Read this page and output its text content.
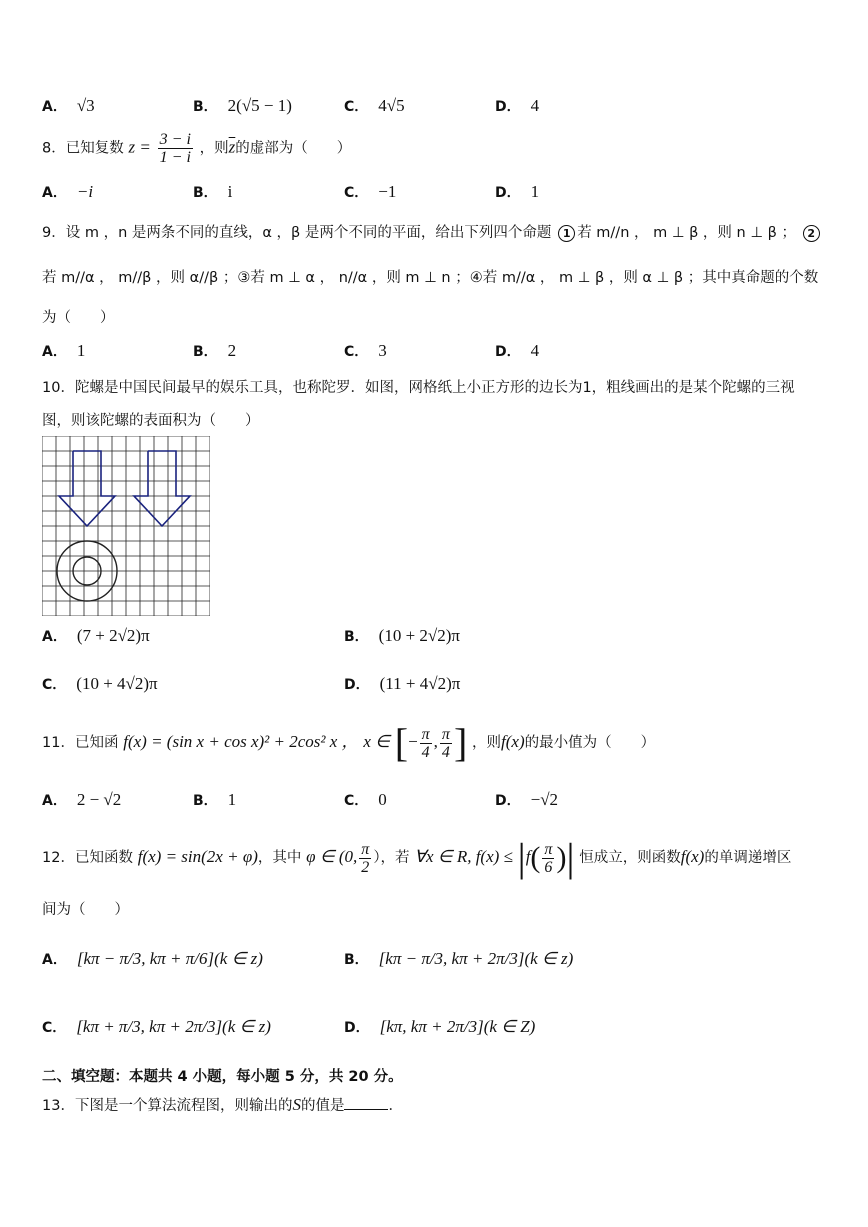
A． √3	B． 2(√5 − 1)	C． 4√5	D． 4
8．已知复数 $z = \frac{3 - i}{1 - i}$ ，则$\overline{z}$的虚部为（　　）
A． −i	B． i	C． −1	D． 1
9．设 m ，n 是两条不同的直线，α ，β 是两个不同的平面，给出下列四个命题 1 若 m//n ， m ⊥ β ，则 n ⊥ β ； 2
若 m//α ， m//β ，则 α//β ；③若 m ⊥ α ， n//α ，则 m ⊥ n ；④若 m//α ， m ⊥ β ，则 α ⊥ β ；其中真命题的个数
为（　　）
A． 1	B． 2	C． 3	D． 4
10．陀螺是中国民间最早的娱乐工具，也称陀罗．如图，网格纸上小正方形的边长为1，粗线画出的是某个陀螺的三视
图，则该陀螺的表面积为（　　）
A． (7 + 2√2)π	B． (10 + 2√2)π
C． (10 + 4√2)π	D． (11 + 4√2)π
11．已知函 f(x) = (sin x + cos x)² + 2cos² x ， x ∈ [− $\frac{\pi}{4}$ , $\frac{\pi}{4}$ ] ，则f(x)的最小值为（　　）
A． 2 − √2	B． 1	C． 0	D． −√2
12．已知函数 f(x) = sin(2x + φ)，其中 φ ∈ (0, $\frac{\pi}{2}$ ），若 ∀x ∈ R, $f(x) \le |f( \frac{\pi}{6}$ )| 恒成立，则函数f(x)的单调递增区
间为（　　）
A． [kπ − π/3, kπ + π/6](k ∈ z)	B． [kπ − π/3, kπ + 2π/3](k ∈ z)
C． [kπ + π/3, kπ + 2π/3](k ∈ z)	D． [kπ, kπ + 2π/3](k ∈ Z)
二、填空题：本题共 4 小题，每小题 5 分，共 20 分。
13．下图是一个算法流程图，则输出的S的值是	．
